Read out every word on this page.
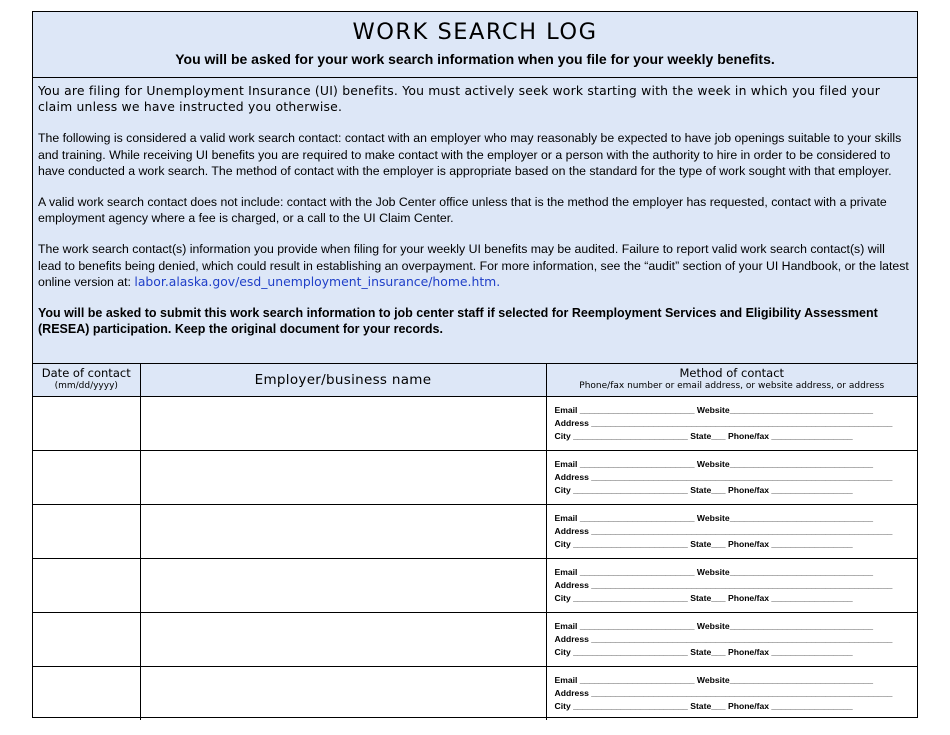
WORK SEARCH LOG
You will be asked for your work search information when you file for your weekly benefits.

You are filing for Unemployment Insurance (UI) benefits. You must actively seek work starting with the week in which you filed your claim unless we have instructed you otherwise.

The following is considered a valid work search contact: contact with an employer who may reasonably be expected to have job openings suitable to your skills and training. While receiving UI benefits you are required to make contact with the employer or a person with the authority to hire in order to be considered to have conducted a work search. The method of contact with the employer is appropriate based on the standard for the type of work sought with that employer.

A valid work search contact does not include: contact with the Job Center office unless that is the method the employer has requested, contact with a private employment agency where a fee is charged, or a call to the UI Claim Center.

The work search contact(s) information you provide when filing for your weekly UI benefits may be audited. Failure to report valid work search contact(s) will lead to benefits being denied, which could result in establishing an overpayment. For more information, see the “audit” section of your UI Handbook, or the latest online version at: labor.alaska.gov/esd_unemployment_insurance/home.htm.

You will be asked to submit this work search information to job center staff if selected for Reemployment Services and Eligibility Assessment (RESEA) participation. Keep the original document for your records.

Date of contact
(mm/dd/yyyy)	Employer/business name	Method of contact
Phone/fax number or email address, or website address, or address

		Email ________________________ Website______________________________
Address _______________________________________________________________
City ________________________ State___ Phone/fax _________________

		Email ________________________ Website______________________________
Address _______________________________________________________________
City ________________________ State___ Phone/fax _________________

		Email ________________________ Website______________________________
Address _______________________________________________________________
City ________________________ State___ Phone/fax _________________

		Email ________________________ Website______________________________
Address _______________________________________________________________
City ________________________ State___ Phone/fax _________________

		Email ________________________ Website______________________________
Address _______________________________________________________________
City ________________________ State___ Phone/fax _________________

		Email ________________________ Website______________________________
Address _______________________________________________________________
City ________________________ State___ Phone/fax _________________
